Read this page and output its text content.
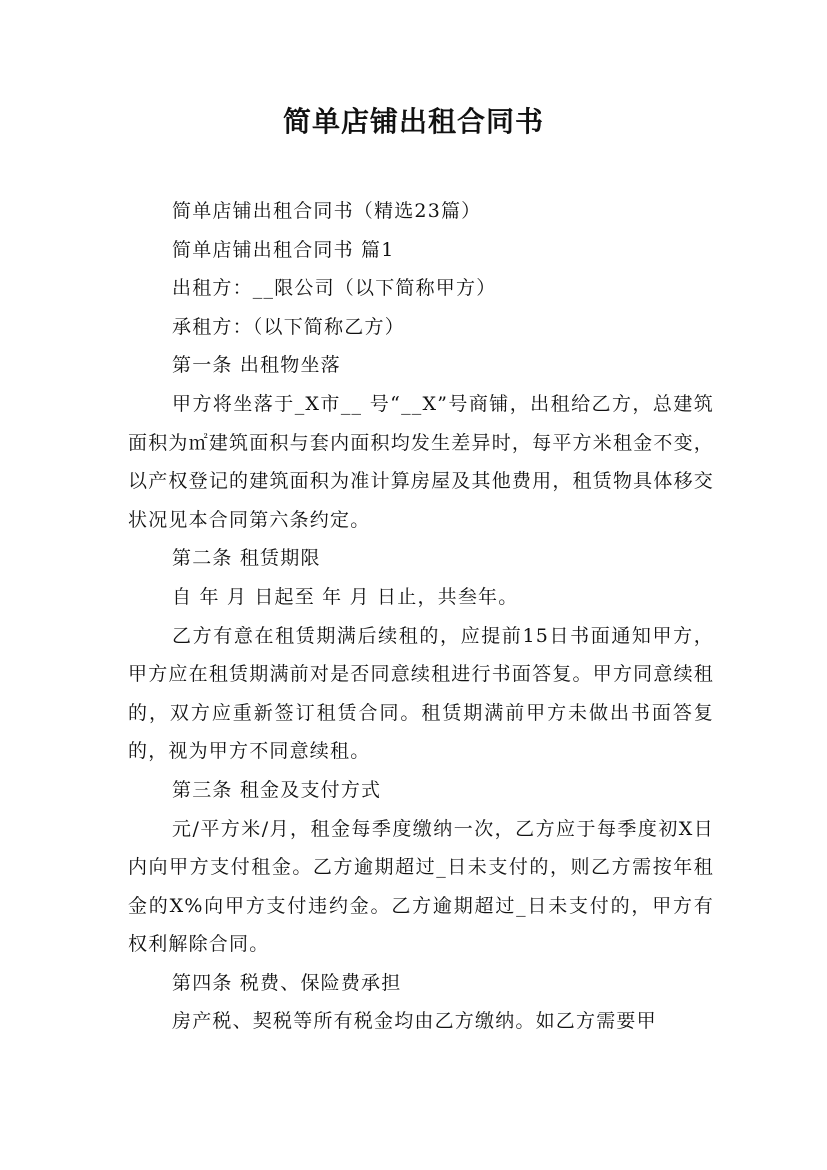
简单店铺出租合同书

简单店铺出租合同书（精选23篇）

简单店铺出租合同书 篇1

出租方：__限公司（以下简称甲方）

承租方：（以下简称乙方）

第一条 出租物坐落

甲方将坐落于_X市__ 号“__X”号商铺，出租给乙方，总建筑面积为㎡建筑面积与套内面积均发生差异时，每平方米租金不变，以产权登记的建筑面积为准计算房屋及其他费用，租赁物具体移交状况见本合同第六条约定。

第二条 租赁期限

自 年 月 日起至 年 月 日止，共叁年。

乙方有意在租赁期满后续租的，应提前15日书面通知甲方，甲方应在租赁期满前对是否同意续租进行书面答复。甲方同意续租的，双方应重新签订租赁合同。租赁期满前甲方未做出书面答复的，视为甲方不同意续租。

第三条 租金及支付方式

元/平方米/月，租金每季度缴纳一次，乙方应于每季度初X日内向甲方支付租金。乙方逾期超过_日未支付的，则乙方需按年租金的X%向甲方支付违约金。乙方逾期超过_日未支付的，甲方有权利解除合同。

第四条 税费、保险费承担

房产税、契税等所有税金均由乙方缴纳。如乙方需要甲
